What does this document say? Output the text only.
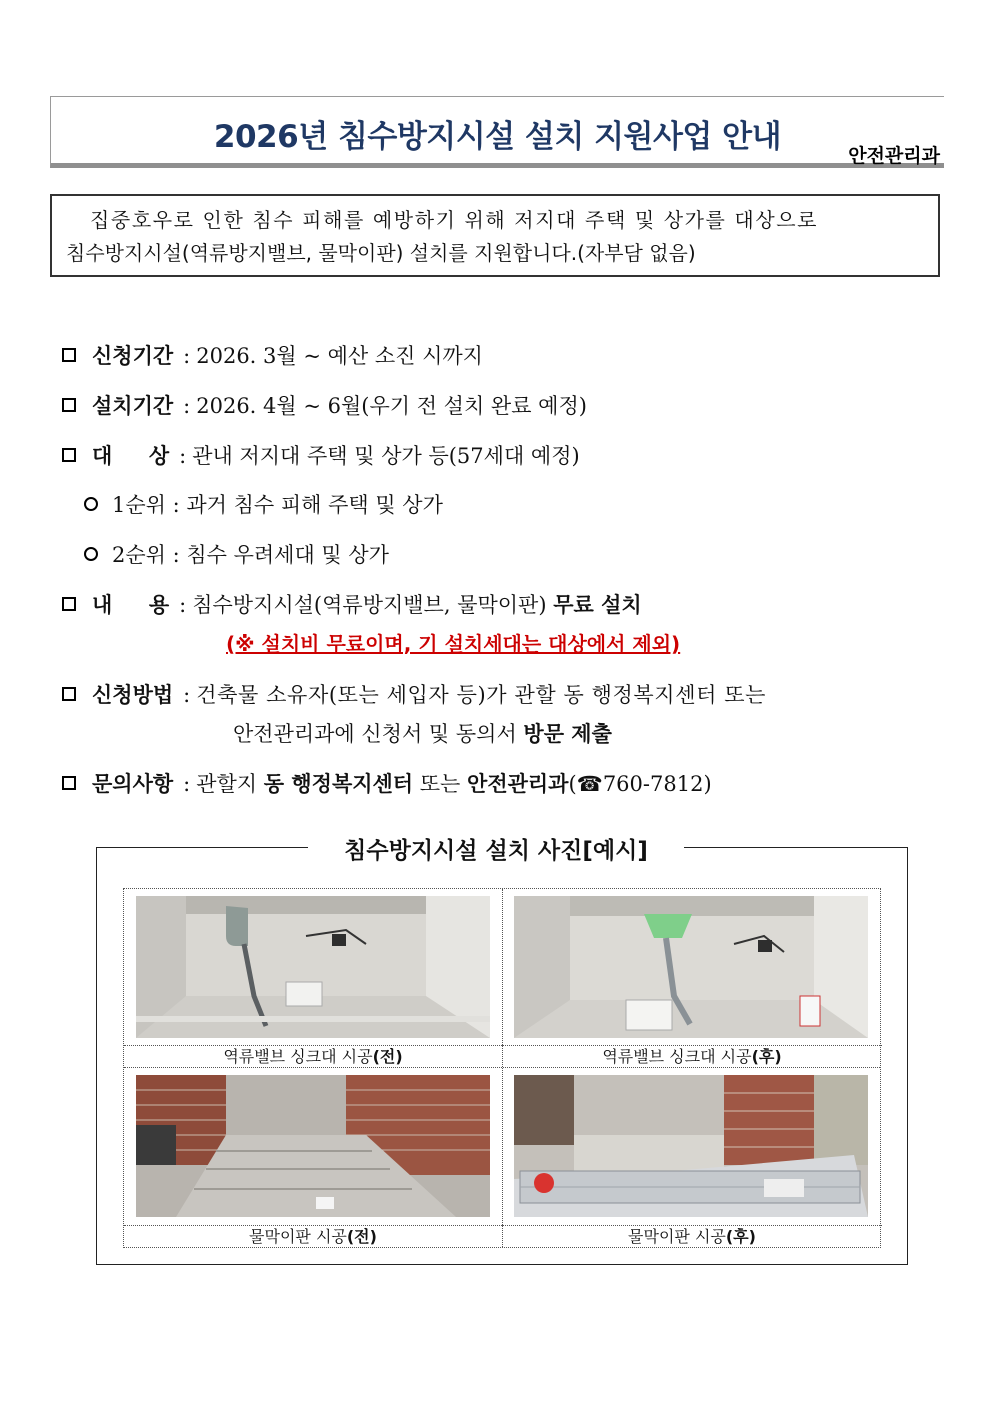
2026년 침수방지시설 설치 지원사업 안내
안전관리과

집중호우로 인한 침수 피해를 예방하기 위해 저지대 주택 및 상가를 대상으로

침수방지시설(역류방지밸브, 물막이판) 설치를 지원합니다.(자부담 없음)

신청기간 : 2026. 3월 ~ 예산 소진 시까지
설치기간 : 2026. 4월 ~ 6월(우기 전 설치 완료 예정)
대     상 : 관내 저지대 주택 및 상가 등(57세대 예정)
1순위 : 과거 침수 피해 주택 및 상가
2순위 : 침수 우려세대 및 상가
내     용 : 침수방지시설(역류방지밸브, 물막이판) 무료 설치
(※ 설치비 무료이며, 기 설치세대는 대상에서 제외)
신청방법 : 건축물 소유자(또는 세입자 등)가 관할 동 행정복지센터 또는
안전관리과에 신청서 및 동의서 방문 제출
문의사항 : 관할지 동 행정복지센터 또는 안전관리과(☎760-7812)
침수방지시설 설치 사진[예시]
역류밸브 싱크대 시공(전)	역류밸브 싱크대 시공(후)
물막이판 시공(전)	물막이판 시공(후)
